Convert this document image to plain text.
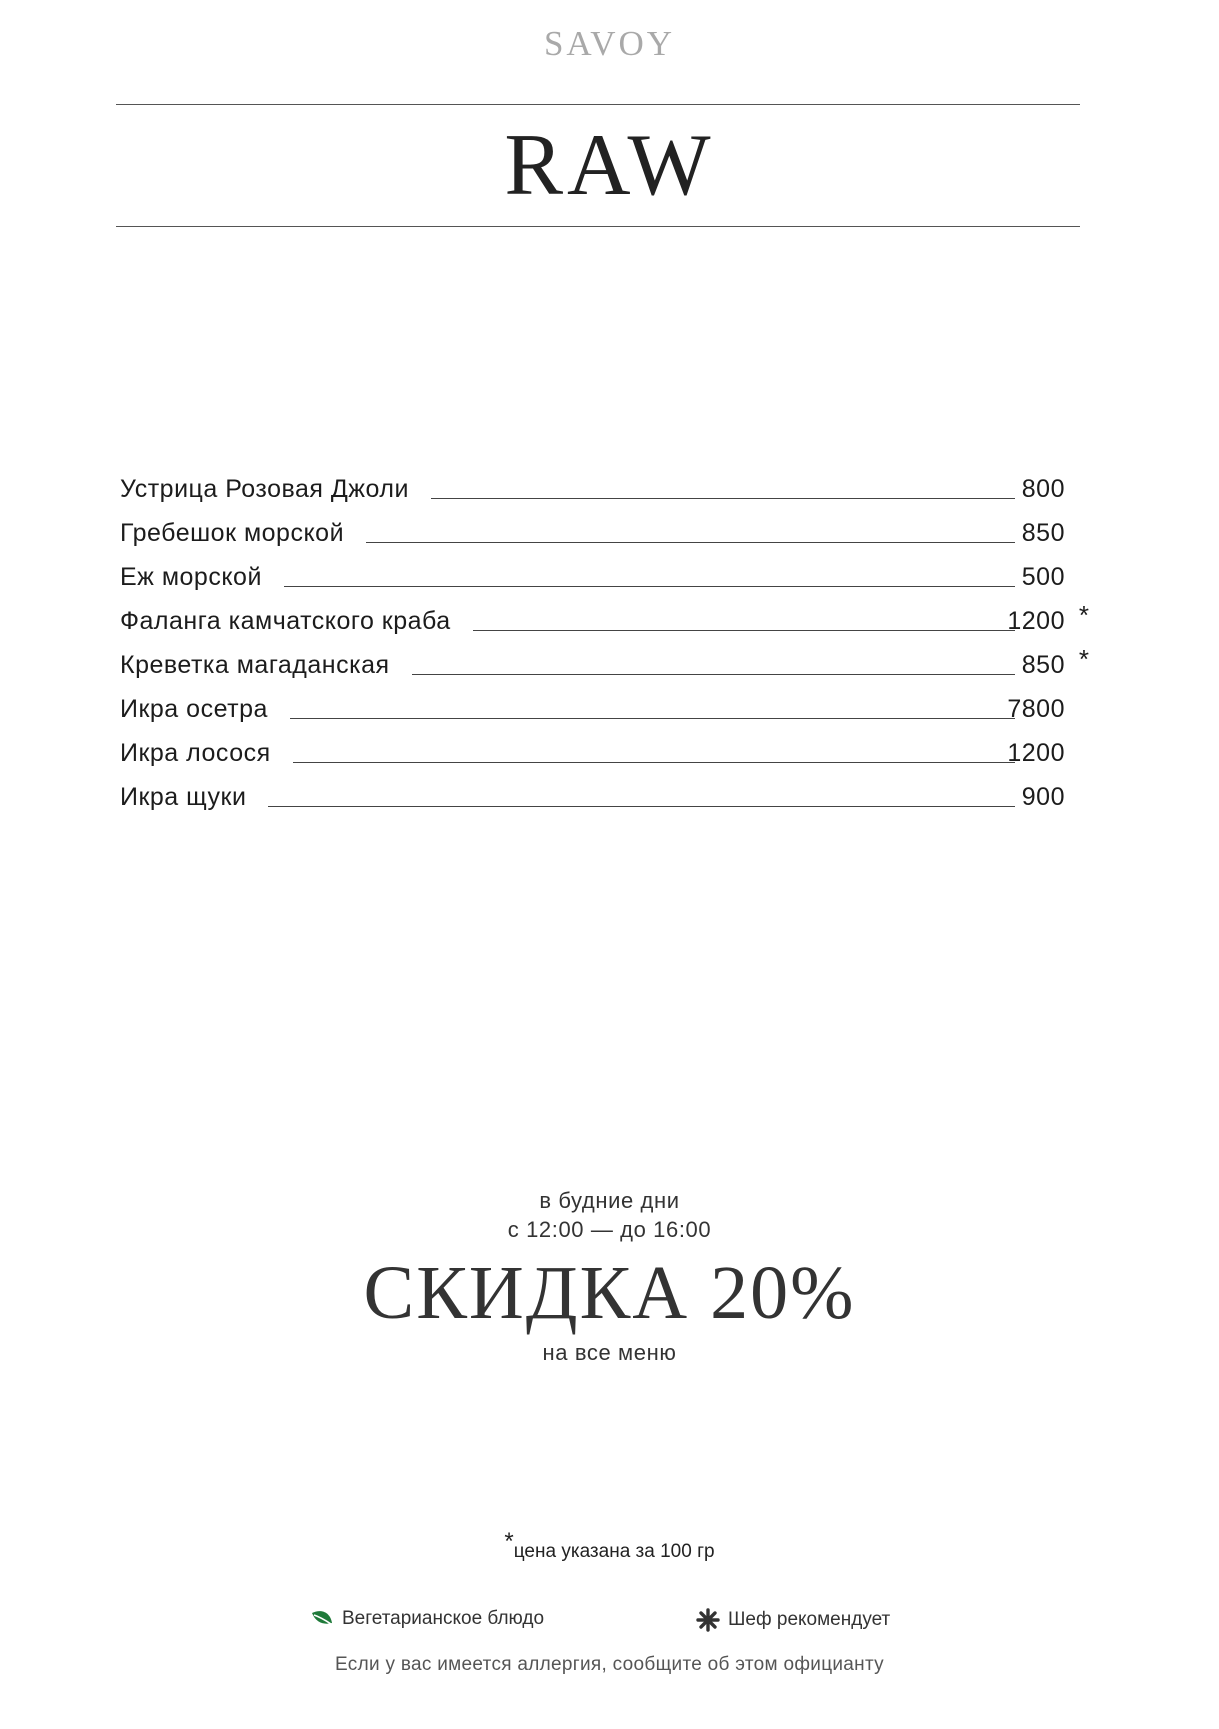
SAVOY
RAW
Устрица Розовая Джоли	800
Гребешок морской	850
Еж морской	500
Фаланга камчатского краба	1200 *
Креветка магаданская	850 *
Икра осетра	7800
Икра лосося	1200
Икра щуки	900
в будние дни
с 12:00 — до 16:00
СКИДКА 20%
на все меню
*цена указана за 100 гр
Вегетарианское блюдо	Шеф рекомендует
Если у вас имеется аллергия, сообщите об этом официанту
